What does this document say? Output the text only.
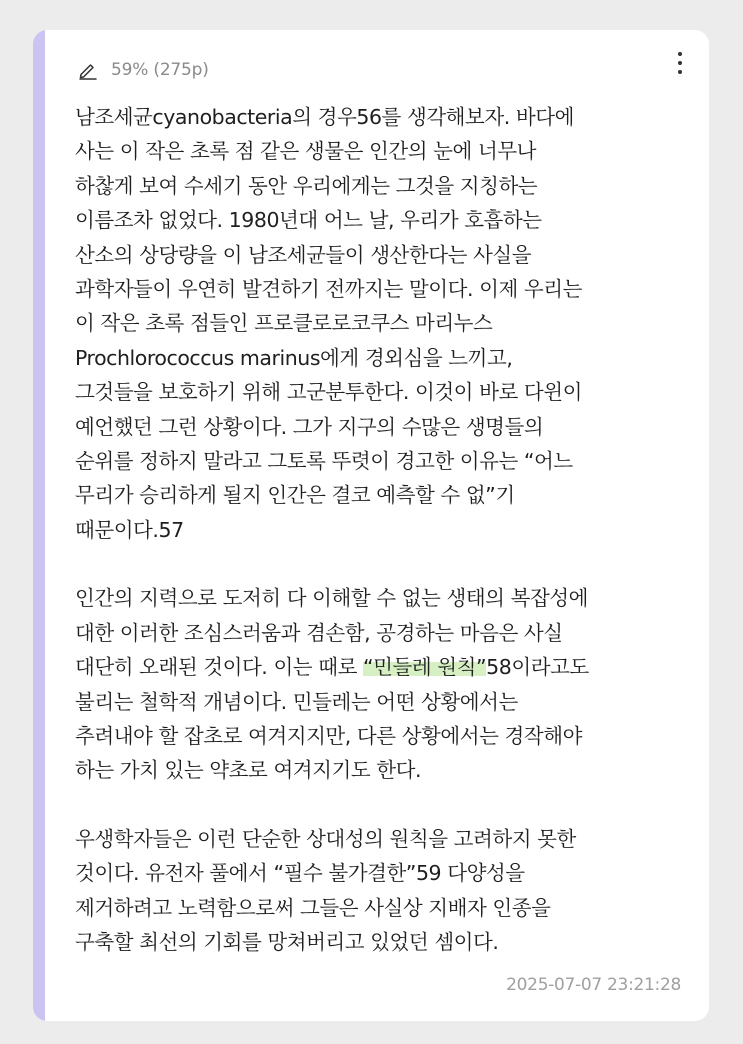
59% (275p)
남조세균cyanobacteria의 경우56를 생각해보자. 바다에
사는 이 작은 초록 점 같은 생물은 인간의 눈에 너무나
하찮게 보여 수세기 동안 우리에게는 그것을 지칭하는
이름조차 없었다. 1980년대 어느 날, 우리가 호흡하는
산소의 상당량을 이 남조세균들이 생산한다는 사실을
과학자들이 우연히 발견하기 전까지는 말이다. 이제 우리는
이 작은 초록 점들인 프로클로로코쿠스 마리누스
Prochlorococcus marinus에게 경외심을 느끼고,
그것들을 보호하기 위해 고군분투한다. 이것이 바로 다윈이
예언했던 그런 상황이다. 그가 지구의 수많은 생명들의
순위를 정하지 말라고 그토록 뚜렷이 경고한 이유는 “어느
무리가 승리하게 될지 인간은 결코 예측할 수 없”기
때문이다.57
인간의 지력으로 도저히 다 이해할 수 없는 생태의 복잡성에
대한 이러한 조심스러움과 겸손함, 공경하는 마음은 사실
대단히 오래된 것이다. 이는 때로 “민들레 원칙”58이라고도
불리는 철학적 개념이다. 민들레는 어떤 상황에서는
추려내야 할 잡초로 여겨지지만, 다른 상황에서는 경작해야
하는 가치 있는 약초로 여겨지기도 한다.
우생학자들은 이런 단순한 상대성의 원칙을 고려하지 못한
것이다. 유전자 풀에서 “필수 불가결한”59 다양성을
제거하려고 노력함으로써 그들은 사실상 지배자 인종을
구축할 최선의 기회를 망쳐버리고 있었던 셈이다.
2025-07-07 23:21:28
